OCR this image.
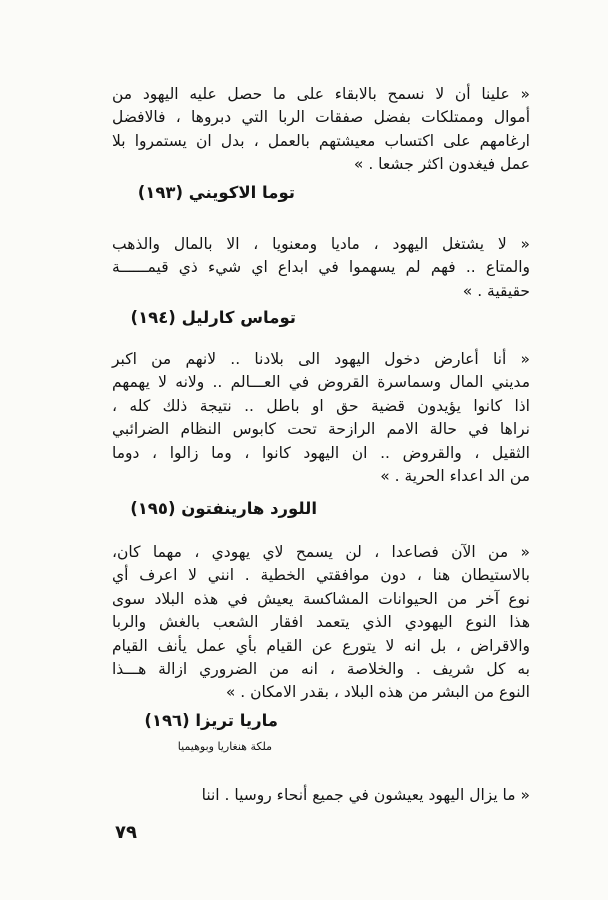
« علينا أن لا نسمح بالابقاء على ما حصل عليه اليهود من
أموال وممتلكات بفضل صفقات الربا التي دبروها ، فالافضل
ارغامهم على اكتساب معيشتهم بالعمل ، بدل ان يستمروا بلا
عمل فيغدون اكثر جشعا . »
توما الاكويني (١٩٣)
« لا يشتغل اليهود ، ماديا ومعنويا ، الا بالمال والذهب
والمتاع .. فهم لم يسهموا في ابداع اي شيء ذي قيمــــــة
حقيقية . »
توماس كارليل (١٩٤)
« أنا أعارض دخول اليهود الى بلادنا .. لانهم من اكبر
مديني المال وسماسرة القروض في العـــالم .. ولانه لا يهمهم
اذا كانوا يؤيدون قضية حق او باطل .. نتيجة ذلك كله ،
نراها في حالة الامم الرازحة تحت كابوس النظام الضرائبي
الثقيل ، والقروض .. ان اليهود كانوا ، وما زالوا ، دوما
من الد اعداء الحرية . »
اللورد هارينفتون (١٩٥)
« من الآن فصاعدا ، لن يسمح لاي يهودي ، مهما كان،
بالاستيطان هنا ، دون موافقتي الخطية . انني لا اعرف أي
نوع آخر من الحيوانات المشاكسة يعيش في هذه البلاد سوى
هذا النوع اليهودي الذي يتعمد افقار الشعب بالغش والربا
والاقراض ، بل انه لا يتورع عن القيام بأي عمل يأنف القيام
به كل شريف . والخلاصة ، انه من الضروري ازالة هـــذا
النوع من البشر من هذه البلاد ، بقدر الامكان . »
ماريا تريزا (١٩٦)
ملكة هنغاريا وبوهيميا
« ما يزال اليهود يعيشون في جميع أنحاء روسيا . اننا
٧٩
